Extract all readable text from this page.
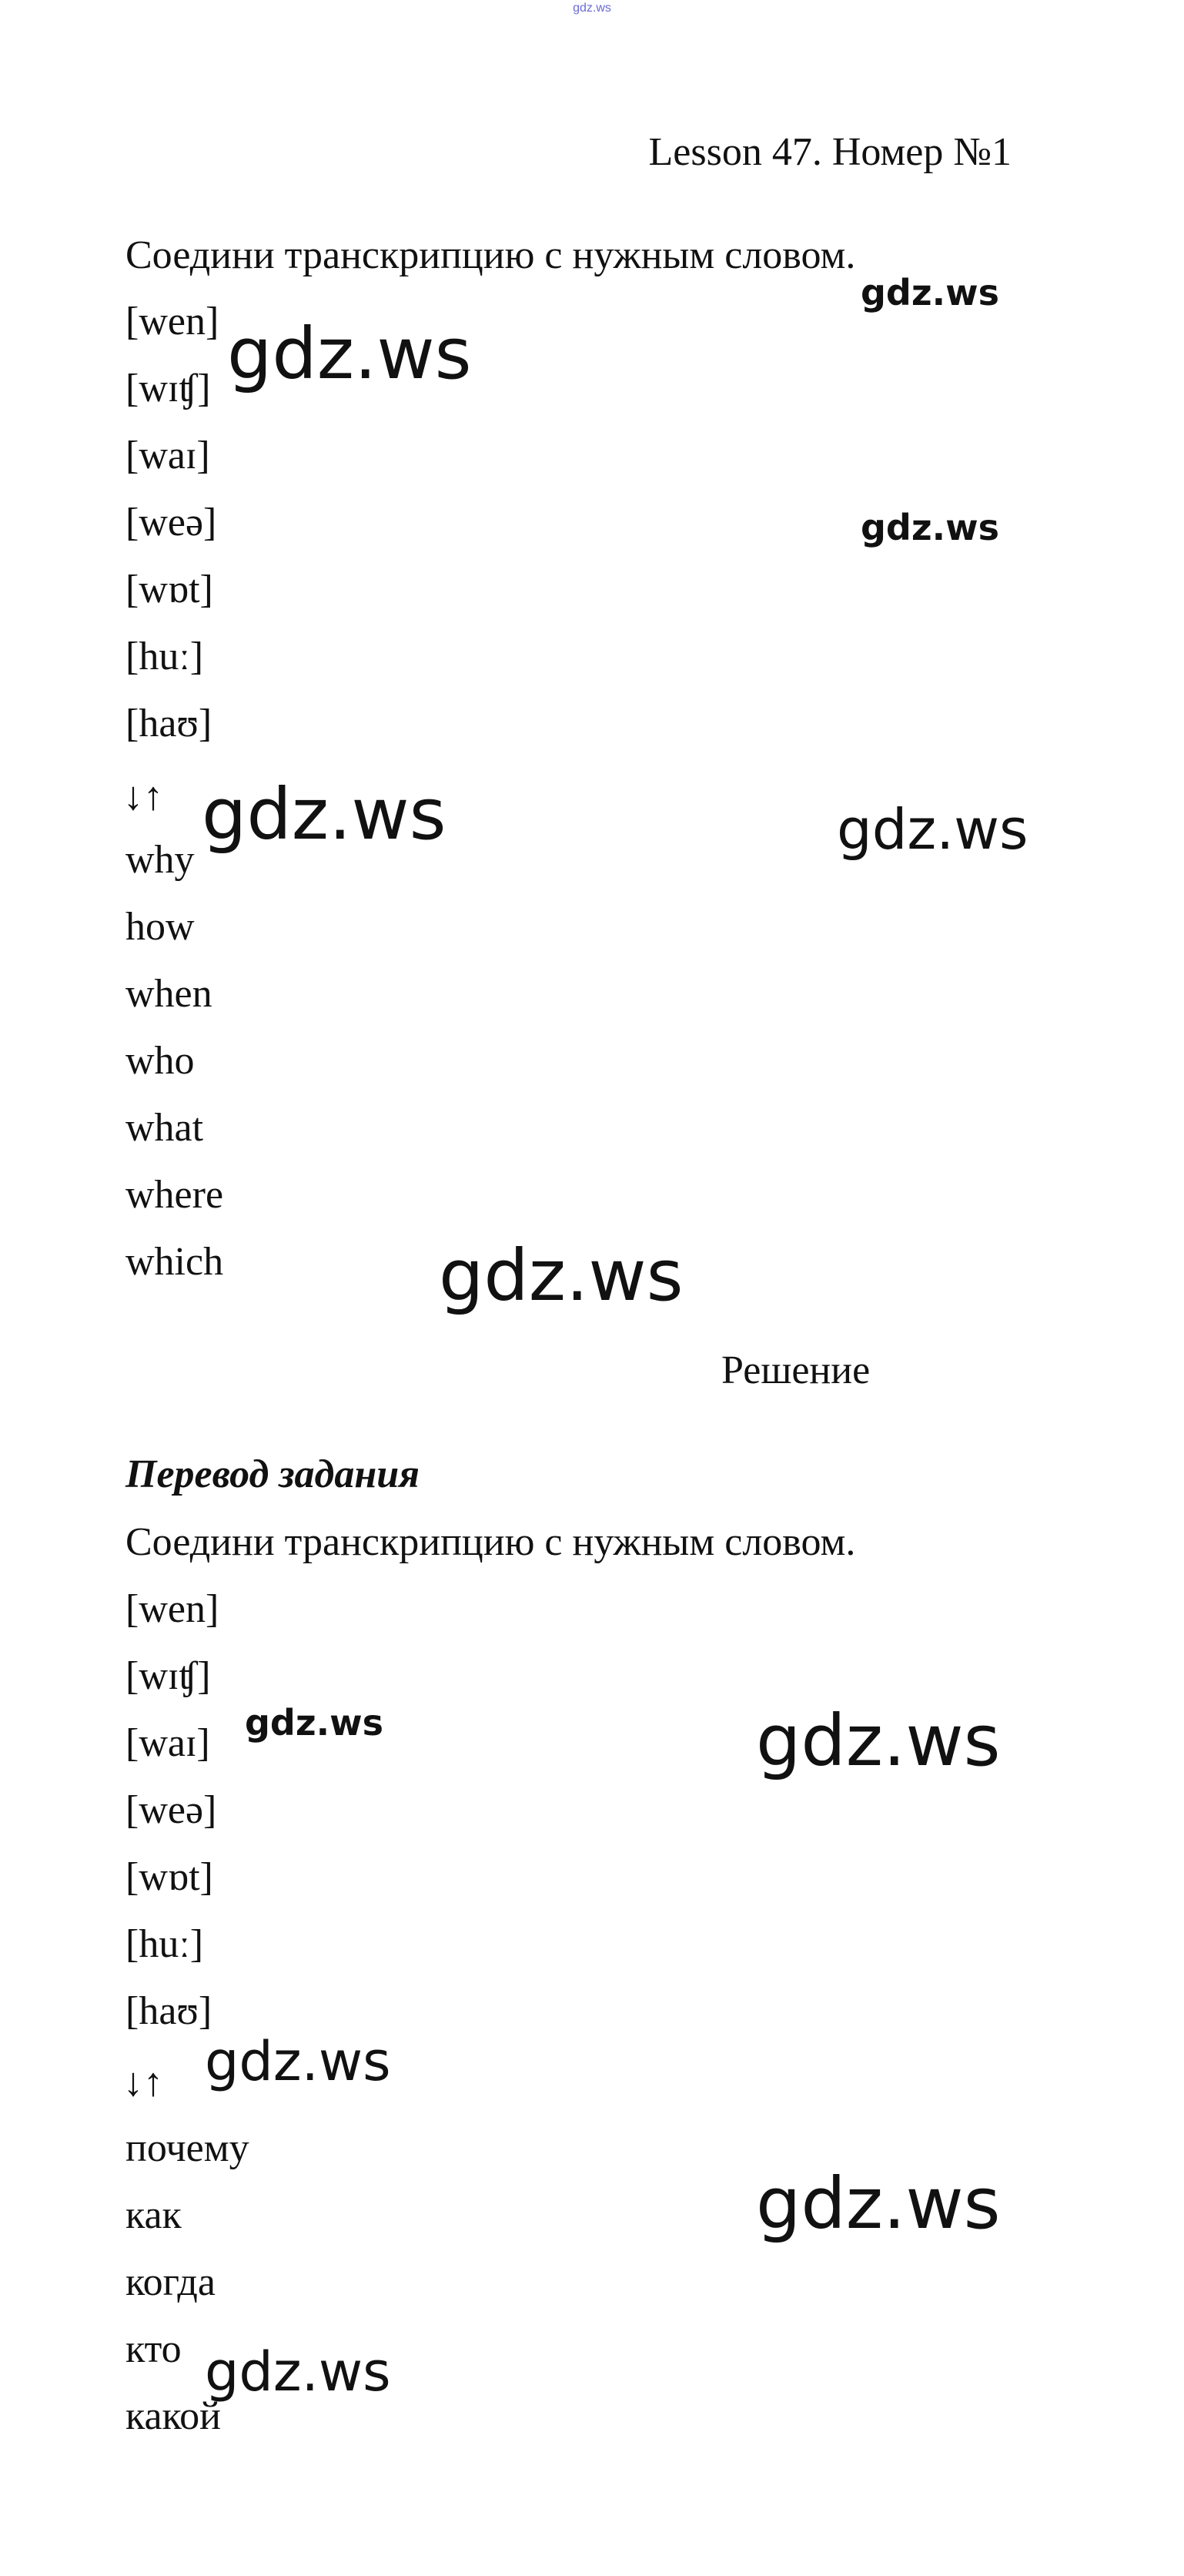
gdz.ws
Lesson 47. Номер №1
Соедини транскрипцию с нужным словом.
[wen]
[wɪʧ]
[waɪ]
[weə]
[wɒt]
[huː]
[haʊ]
↓↑
why
how
when
who
what
where
which
Решение
Перевод задания
Соедини транскрипцию с нужным словом.
[wen]
[wɪʧ]
[waɪ]
[weə]
[wɒt]
[huː]
[haʊ]
↓↑
почему
как
когда
кто
какой
gdz.ws
gdz.ws
gdz.ws
gdz.ws	gdz.ws
gdz.ws
gdz.ws	gdz.ws
gdz.ws
gdz.ws
gdz.ws
